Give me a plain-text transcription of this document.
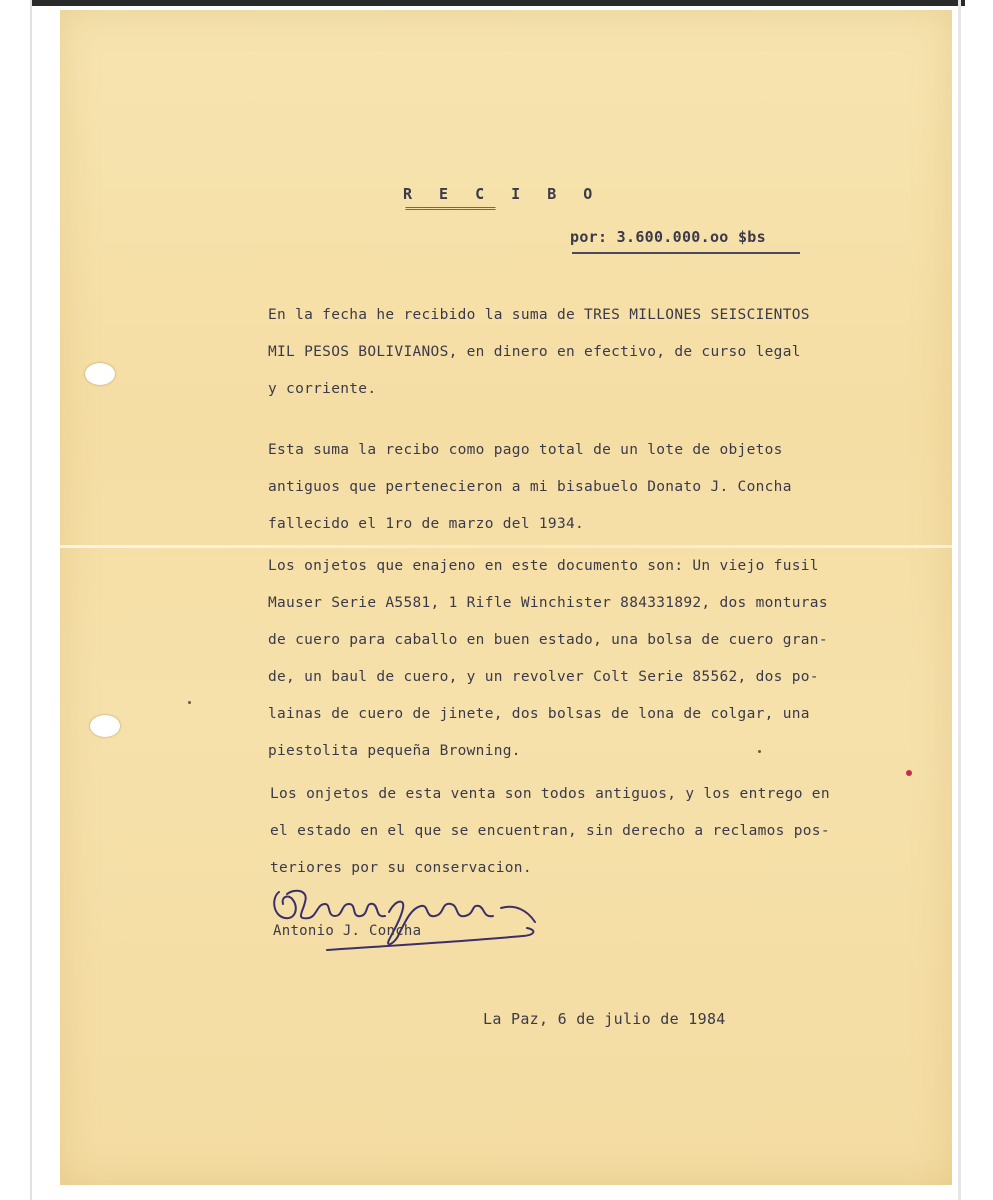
R E C I B O
================
por: 3.600.000.oo $bs
En la fecha he recibido la suma de TRES MILLONES SEISCIENTOS
MIL PESOS BOLIVIANOS, en dinero en efectivo, de curso legal
y corriente.
Esta suma la recibo como pago total de un lote de objetos
antiguos que pertenecieron a mi bisabuelo Donato J. Concha
fallecido el 1ro de marzo del 1934.
Los onjetos que enajeno en este documento son: Un viejo fusil
Mauser Serie A5581, 1 Rifle Winchister 884331892, dos monturas
de cuero para caballo en buen estado, una bolsa de cuero gran-
de, un baul de cuero, y un revolver Colt Serie 85562, dos po-
lainas de cuero de jinete, dos bolsas de lona de colgar, una
piestolita pequeña Browning.
Los onjetos de esta venta son todos antiguos, y los entrego en
el estado en el que se encuentran, sin derecho a reclamos pos-
teriores por su conservacion.
Antonio J. Concha
La Paz, 6 de julio de 1984
